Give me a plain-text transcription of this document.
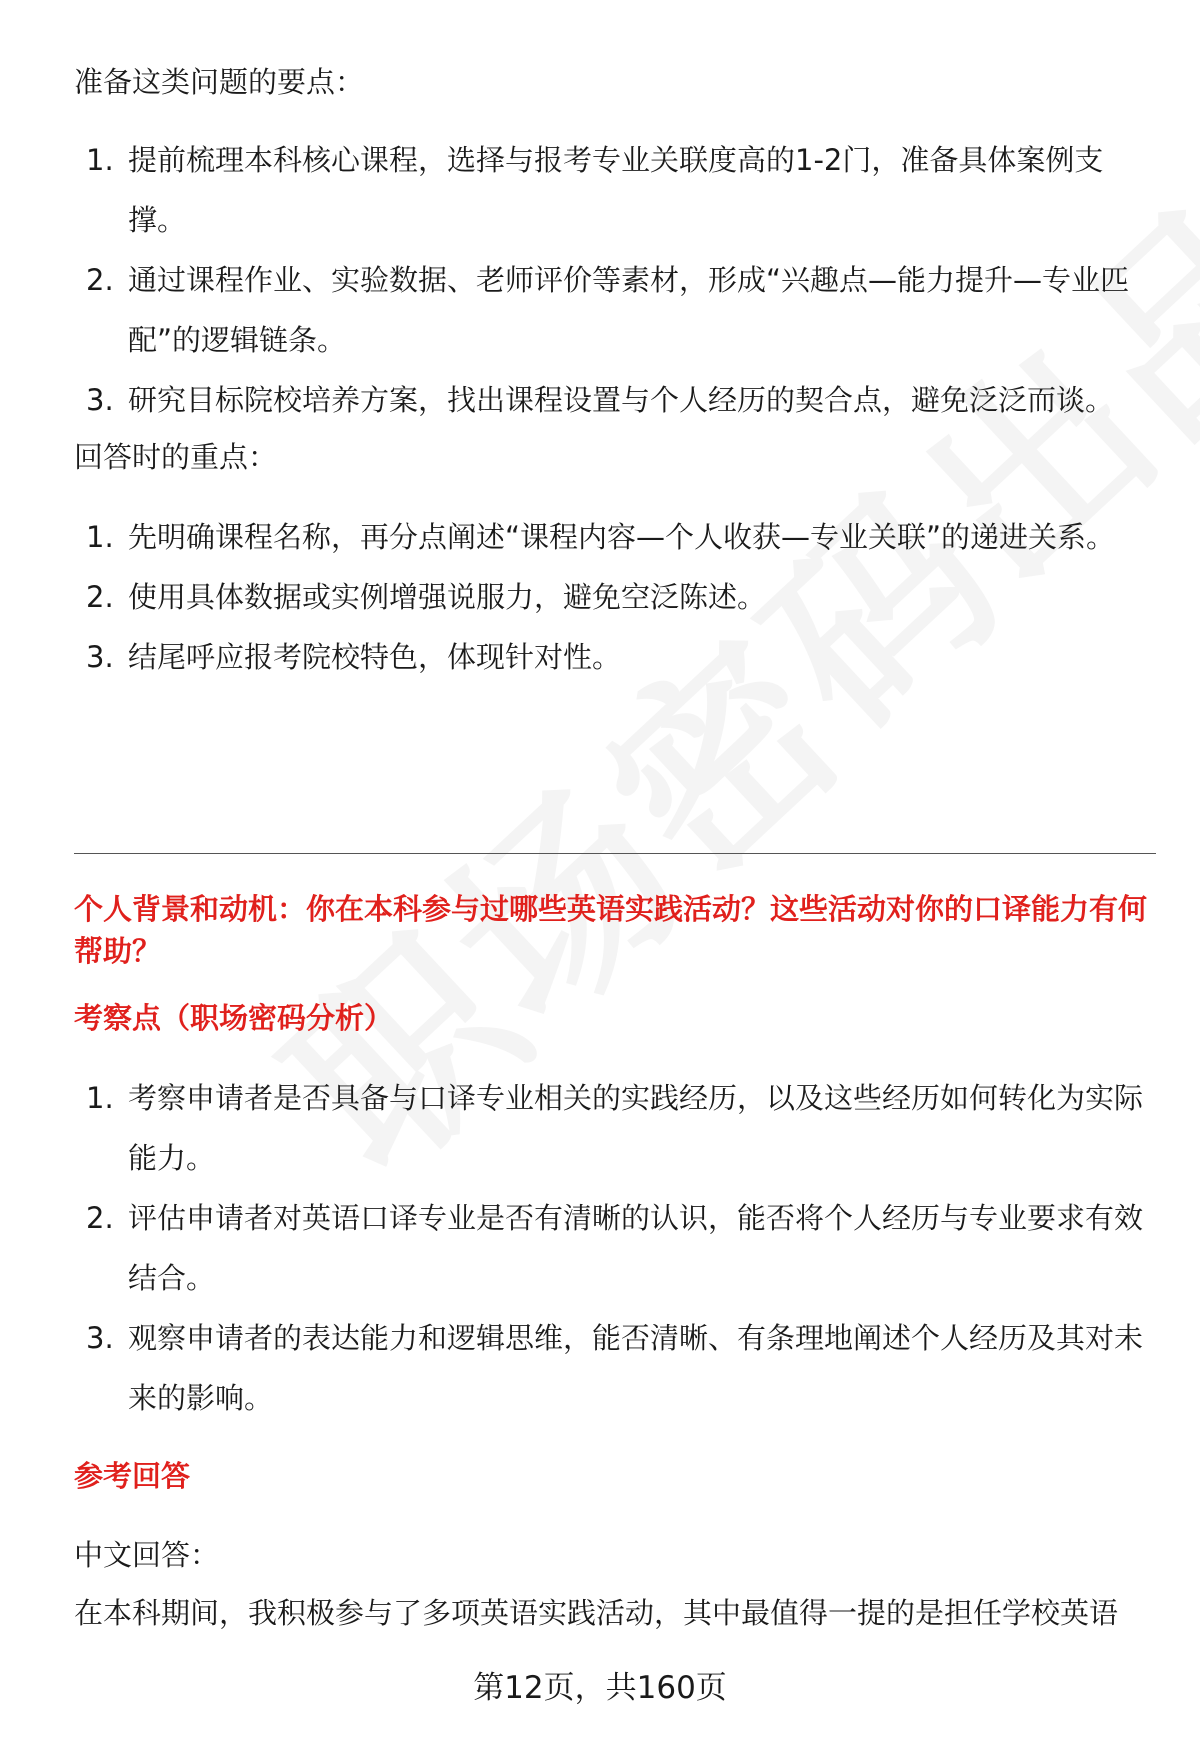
准备这类问题的要点：
1. 提前梳理本科核心课程，选择与报考专业关联度高的1-2门，准备具体案例支撑。
2. 通过课程作业、实验数据、老师评价等素材，形成“兴趣点—能力提升—专业匹配”的逻辑链条。
3. 研究目标院校培养方案，找出课程设置与个人经历的契合点，避免泛泛而谈。
回答时的重点：
1. 先明确课程名称，再分点阐述“课程内容—个人收获—专业关联”的递进关系。
2. 使用具体数据或实例增强说服力，避免空泛陈述。
3. 结尾呼应报考院校特色，体现针对性。
个人背景和动机：你在本科参与过哪些英语实践活动？这些活动对你的口译能力有何帮助？
考察点（职场密码分析）
1. 考察申请者是否具备与口译专业相关的实践经历，以及这些经历如何转化为实际能力。
2. 评估申请者对英语口译专业是否有清晰的认识，能否将个人经历与专业要求有效结合。
3. 观察申请者的表达能力和逻辑思维，能否清晰、有条理地阐述个人经历及其对未来的影响。
参考回答
中文回答：
在本科期间，我积极参与了多项英语实践活动，其中最值得一提的是担任学校英语
第12页，共160页
